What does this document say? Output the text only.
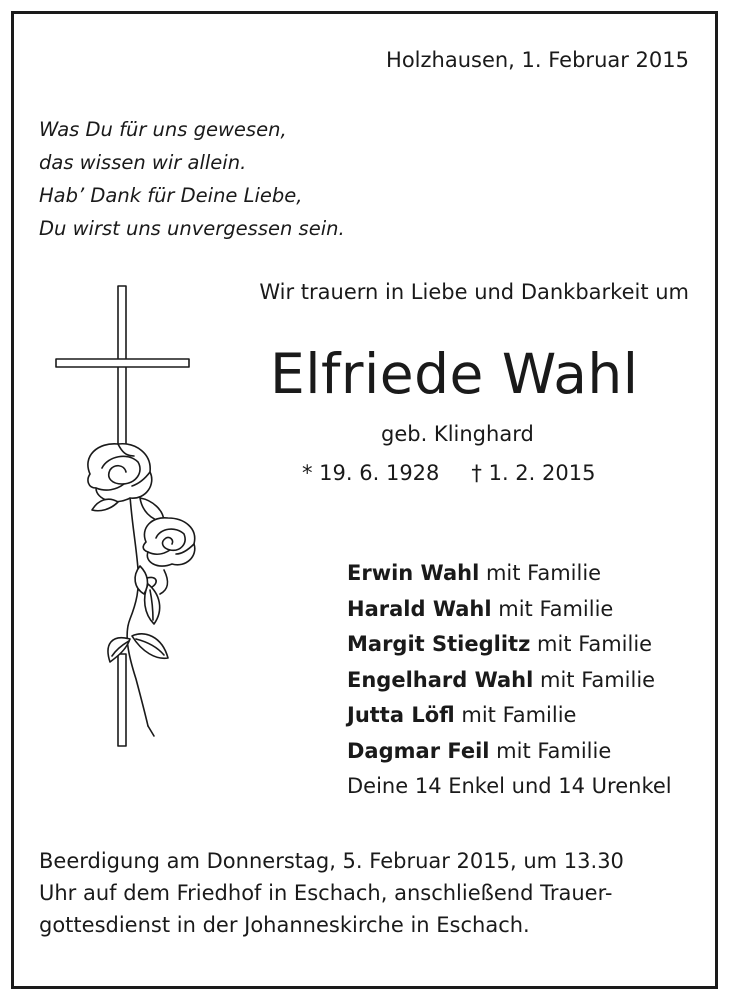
Holzhausen, 1. Februar 2015
Was Du für uns gewesen,
das wissen wir allein.
Hab’ Dank für Deine Liebe,
Du wirst uns unvergessen sein.
Wir trauern in Liebe und Dankbarkeit um
Elfriede Wahl
geb. Klinghard
* 19. 6. 1928 † 1. 2. 2015
Erwin Wahl mit Familie
Harald Wahl mit Familie
Margit Stieglitz mit Familie
Engelhard Wahl mit Familie
Jutta Löfl mit Familie
Dagmar Feil mit Familie
Deine 14 Enkel und 14 Urenkel
Beerdigung am Donnerstag, 5. Februar 2015, um 13.30
Uhr auf dem Friedhof in Eschach, anschließend Trauer-
gottesdienst in der Johanneskirche in Eschach.
